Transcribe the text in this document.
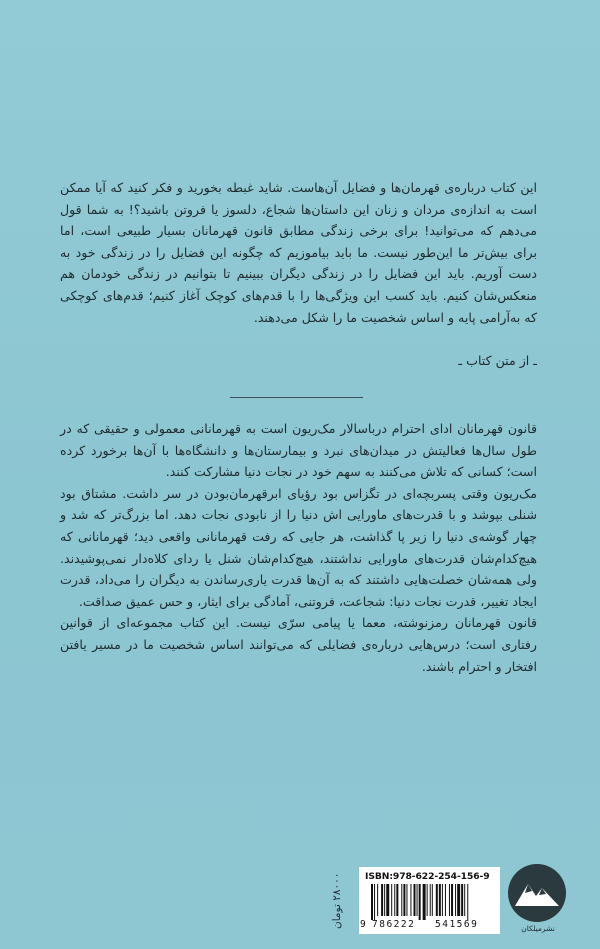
این کتاب درباره‌ی قهرمان‌ها و فضایل آن‌هاست. شاید غبطه بخورید و فکر کنید که آیا ممکن است به اندازه‌ی مردان و زنان این داستان‌ها شجاع، دلسوز یا فروتن باشید؟! به شما قول می‌دهم که می‌توانید! برای برخی زندگی مطابق قانون قهرمانان بسیار طبیعی است، اما برای بیش‌تر ما این‌طور نیست. ما باید بیاموزیم که چگونه این فضایل را در زندگی خود به دست آوریم. باید این فضایل را در زندگی دیگران ببینیم تا بتوانیم در زندگی خودمان هم منعکس‌شان کنیم. باید کسب این ویژگی‌ها را با قدم‌های کوچک آغاز کنیم؛ قدم‌های کوچکی که به‌آرامی پایه و اساس شخصیت ما را شکل می‌دهند.
ـ از متن کتاب ـ

قانون قهرمانان ادای احترام درباسالار مک‌ریون است به قهرمانانی معمولی و حقیقی که در طول سال‌ها فعالیتش در میدان‌های نبرد و بیمارستان‌ها و دانشگاه‌ها با آن‌ها برخورد کرده است؛ کسانی که تلاش می‌کنند به سهم خود در نجات دنیا مشارکت کنند.

مک‌ریون وقتی پسربچه‌ای در تگزاس بود رؤیای ابرقهرمان‌بودن در سر داشت. مشتاق بود شنلی بپوشد و با قدرت‌های ماورایی اش دنیا را از نابودی نجات دهد. اما بزرگ‌تر که شد و چهار گوشه‌ی دنیا را زیر پا گذاشت، هر جایی که رفت قهرمانانی واقعی دید؛ قهرمانانی که هیچ‌کدام‌شان قدرت‌های ماورایی نداشتند، هیچ‌کدام‌شان شنل یا ردای کلاه‌دار نمی‌پوشیدند. ولی همه‌شان خصلت‌هایی داشتند که به آن‌ها قدرت یاری‌رساندن به دیگران را می‌داد، قدرت ایجاد تغییر، قدرت نجات دنیا: شجاعت، فروتنی، آمادگی برای ایثار، و حس عمیق صداقت.

قانون قهرمانان رمزنوشته، معما یا پیامی سرّی نیست. این کتاب مجموعه‌ای از قوانین رفتاری است؛ درس‌هایی درباره‌ی فضایلی که می‌توانند اساس شخصیت ما در مسیر یافتن افتخار و احترام باشند.

۲۸۰۰۰ تومان	ISBN:978-622-254-156-9
9 786222 541569	نشرمیلکان
